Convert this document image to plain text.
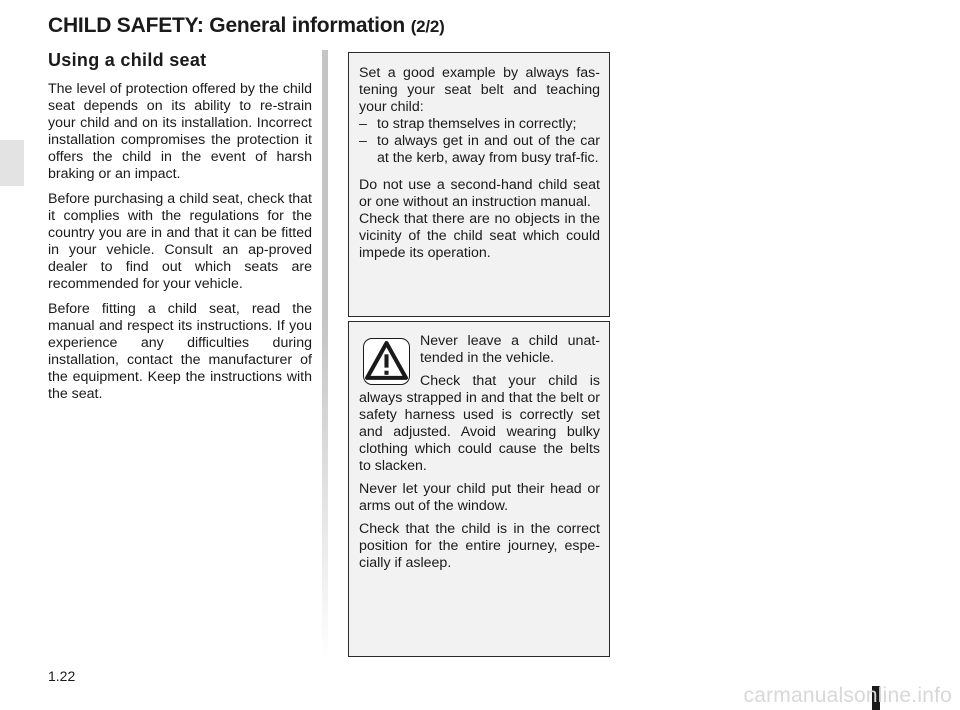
CHILD SAFETY: General information (2/2)
Using a child seat

The level of protection offered by the child seat depends on its ability to re-strain your child and on its installation. Incorrect installation compromises the protection it offers the child in the event of harsh braking or an impact.

Before purchasing a child seat, check that it complies with the regulations for the country you are in and that it can be fitted in your vehicle. Consult an ap-proved dealer to find out which seats are recommended for your vehicle.

Before fitting a child seat, read the manual and respect its instructions. If you experience any difficulties during installation, contact the manufacturer of the equipment. Keep the instructions with the seat.

Set a good example by always fas-tening your seat belt and teaching your child:

– to strap themselves in correctly;
– to always get in and out of the car at the kerb, away from busy traf-fic.

Do not use a second-hand child seat or one without an instruction manual.

Check that there are no objects in the vicinity of the child seat which could impede its operation.

Never leave a child unat-tended in the vehicle.

Check that your child is always strapped in and that the belt or safety harness used is correctly set and adjusted. Avoid wearing bulky clothing which could cause the belts to slacken.

Never let your child put their head or arms out of the window.

Check that the child is in the correct position for the entire journey, espe-cially if asleep.

1.22

carmanualsonline.info
